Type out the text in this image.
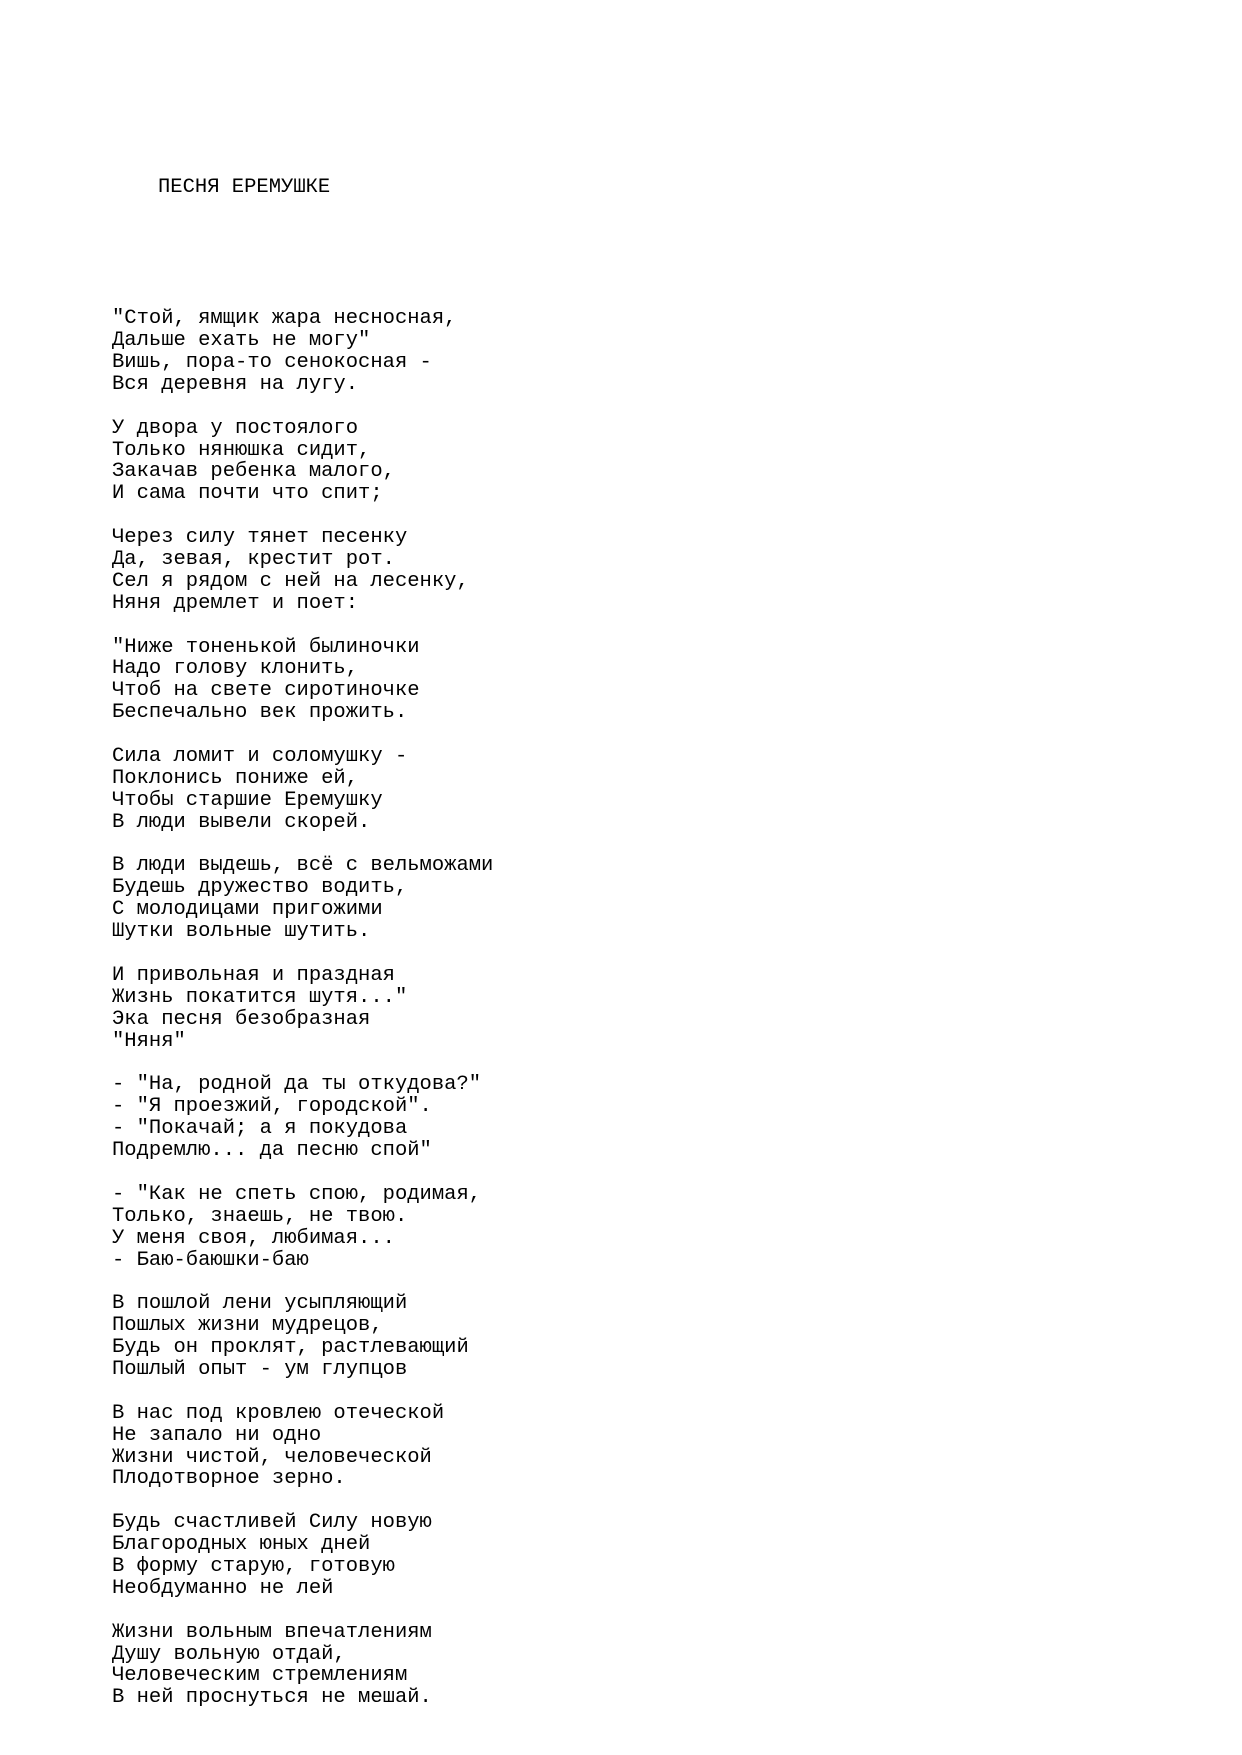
ПЕСНЯ ЕРЕМУШКЕ

"Стой, ямщик жара несносная,
Дальше ехать не могу"
Вишь, пора-то сенокосная -
Вся деревня на лугу.
У двора у постоялого
Только нянюшка сидит,
Закачав ребенка малого,
И сама почти что спит;
Через силу тянет песенку
Да, зевая, крестит рот.
Сел я рядом с ней на лесенку,
Няня дремлет и поет:
"Ниже тоненькой былиночки
Надо голову клонить,
Чтоб на свете сиротиночке
Беспечально век прожить.
Сила ломит и соломушку -
Поклонись пониже ей,
Чтобы старшие Еремушку
В люди вывели скорей.
В люди выдешь, всё с вельможами
Будешь дружество водить,
С молодицами пригожими
Шутки вольные шутить.
И привольная и праздная
Жизнь покатится шутя..."
Эка песня безобразная
"Няня"
- "На, родной да ты откудова?"
- "Я проезжий, городской".
- "Покачай; а я покудова
Подремлю... да песню спой"
- "Как не спеть спою, родимая,
Только, знаешь, не твою.
У меня своя, любимая...
- Баю-баюшки-баю
В пошлой лени усыпляющий
Пошлых жизни мудрецов,
Будь он проклят, растлевающий
Пошлый опыт - ум глупцов
В нас под кровлею отеческой
Не запало ни одно
Жизни чистой, человеческой
Плодотворное зерно.
Будь счастливей Силу новую
Благородных юных дней
В форму старую, готовую
Необдуманно не лей
Жизни вольным впечатлениям
Душу вольную отдай,
Человеческим стремлениям
В ней проснуться не мешай.
